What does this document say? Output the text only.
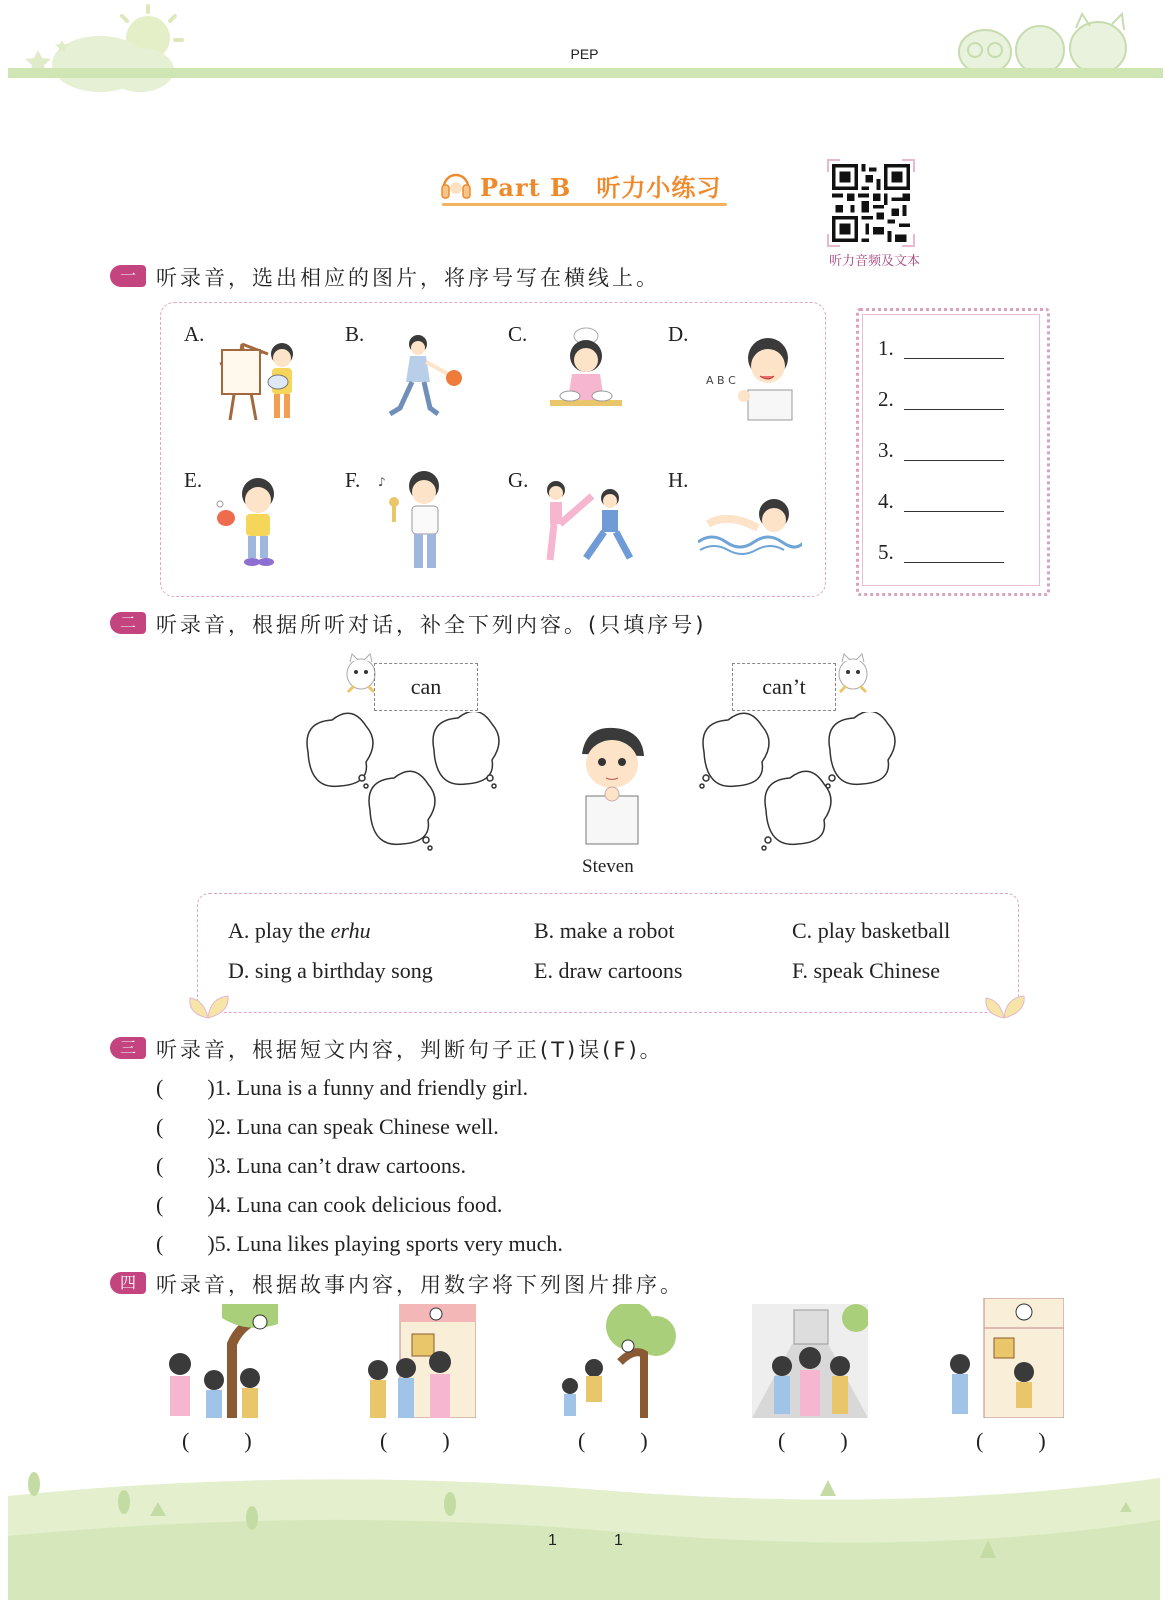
PEP
Part B　听力小练习
听力音频及文本
一 听录音，选出相应的图片，将序号写在横线上。
A.	B.	C.	D.
E.	F.	G.	H.
A B C
♪
1.
2.
3.
4.
5.
二 听录音，根据所听对话，补全下列内容。(只填序号)
can	can’t
Steven
A. play the erhu	B. make a robot	C. play basketball
D. sing a birthday song	E. draw cartoons	F. speak Chinese
三 听录音，根据短文内容，判断句子正(T)误(F)。
(        )1. Luna is a funny and friendly girl.
(        )2. Luna can speak Chinese well.
(        )3. Luna can’t draw cartoons.
(        )4. Luna can cook delicious food.
(        )5. Luna likes playing sports very much.
四 听录音，根据故事内容，用数字将下列图片排序。
(          )	(          )	(          )	(          )	(          )
1	1
